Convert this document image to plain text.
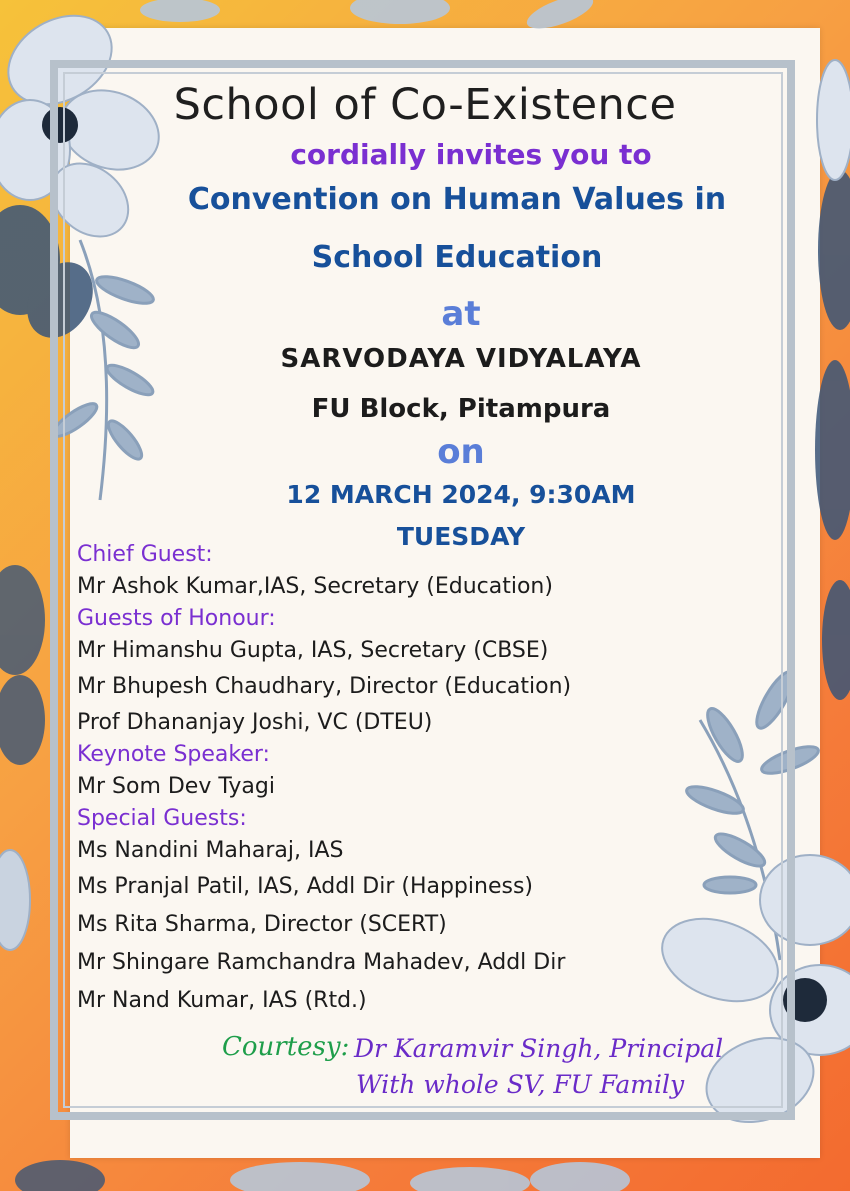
School of Co-Existence

cordially invites you to

Convention on Human Values in

School Education

at

SARVODAYA VIDYALAYA

FU Block, Pitampura

on

12 MARCH 2024, 9:30AM

TUESDAY

Chief Guest:
Mr Ashok Kumar,IAS, Secretary (Education)
Guests of Honour:
Mr Himanshu Gupta, IAS, Secretary (CBSE)
Mr Bhupesh Chaudhary, Director (Education)
Prof Dhananjay Joshi, VC (DTEU)
Keynote Speaker:
Mr Som Dev Tyagi
Special Guests:
Ms Nandini Maharaj, IAS
Ms Pranjal Patil, IAS, Addl Dir (Happiness)
Ms Rita Sharma, Director (SCERT)
Mr Shingare Ramchandra Mahadev, Addl Dir
Mr Nand Kumar, IAS (Rtd.)
Courtesy: Dr Karamvir Singh, Principal
With whole SV, FU Family
